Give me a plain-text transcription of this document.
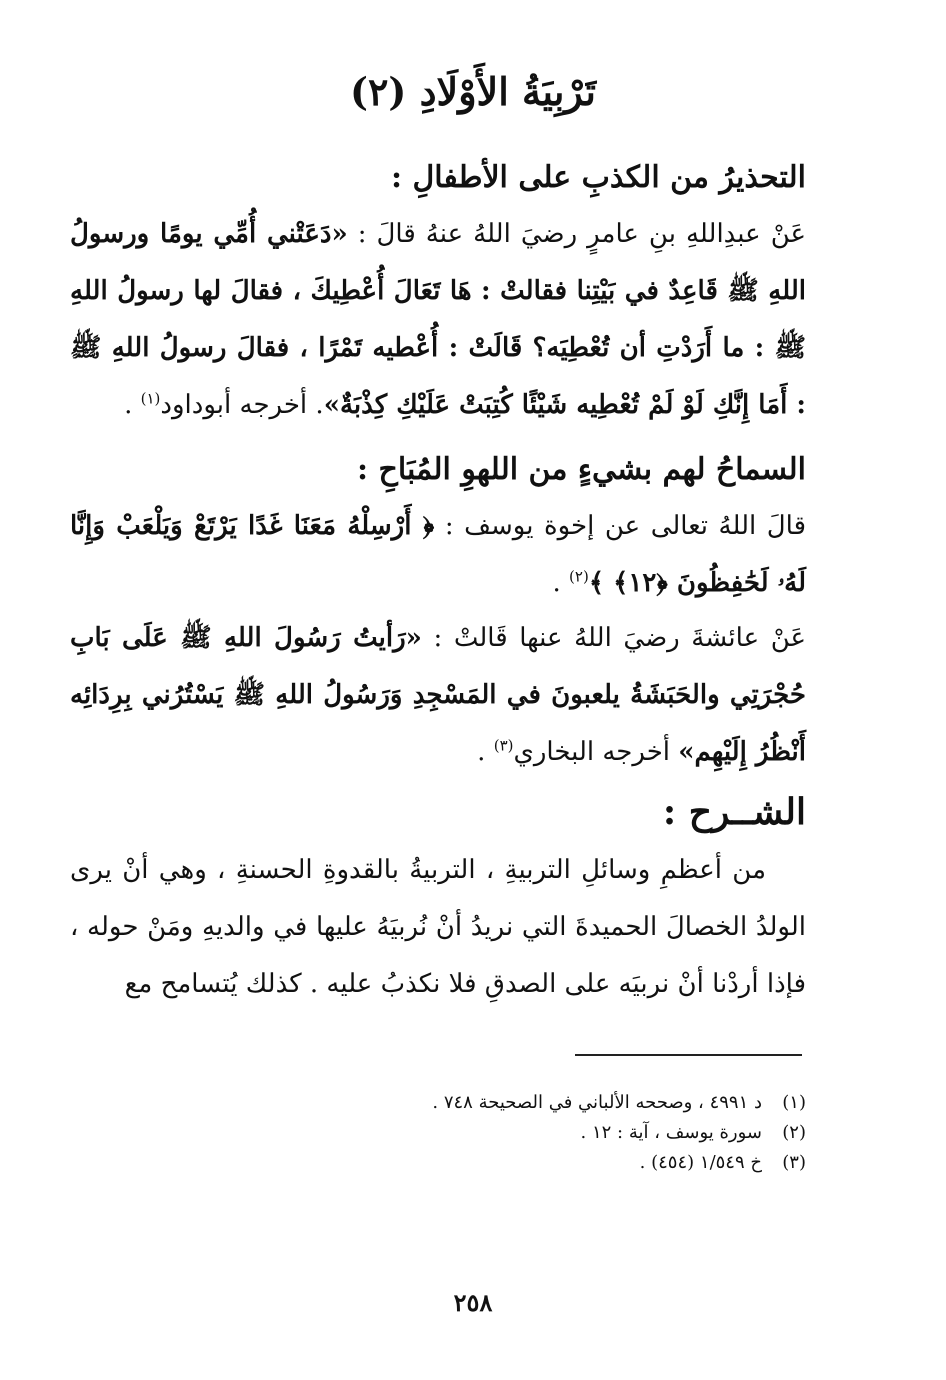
تَرْبِيَةُ الأَوْلَادِ (٢)

التحذيرُ من الكذبِ على الأطفالِ :

عَنْ عبدِاللهِ بنِ عامرٍ رضيَ اللهُ عنهُ قالَ : «دَعَتْني أُمِّي يومًا ورسولُ اللهِ ﷺ قَاعِدٌ في بَيْتِنا فقالتْ : هَا تَعَالَ أُعْطِيكَ ، فقالَ لها رسولُ اللهِ ﷺ : ما أَرَدْتِ أن تُعْطِيَه؟ قَالَتْ : أُعْطيه تَمْرًا ، فقالَ رسولُ اللهِ ﷺ : أَمَا إِنَّكِ لَوْ لَمْ تُعْطِيه شَيْئًا كُتِبَتْ عَلَيْكِ كِذْبَةٌ». أخرجه أبوداود$^{(١)}$ .

السماحُ لهم بشيءٍ من اللهوِ المُبَاحِ :

قالَ اللهُ تعالى عن إخوة يوسف : ﴿ أَرْسِلْهُ مَعَنَا غَدًا يَرْتَعْ وَيَلْعَبْ وَإِنَّا لَهُۥ لَحَٰفِظُونَ ﴿١٢﴾ ﴾$^{(٢)}$ .

عَنْ عائشةَ رضيَ اللهُ عنها قَالتْ : «رَأيتُ رَسُولَ اللهِ ﷺ عَلَى بَابِ حُجْرَتِي والحَبَشَةُ يلعبونَ في المَسْجِدِ وَرَسُولُ اللهِ ﷺ يَسْتُرُني بِرِدَائِه أَنْظُرُ إِلَيْهِم» أخرجه البخاري$^{(٣)}$ .

الشــرح :

من أعظمِ وسائلِ التربيةِ ، التربيةُ بالقدوةِ الحسنةِ ، وهي أنْ يرى الولدُ الخصالَ الحميدةَ التي نريدُ أنْ نُربيَهُ عليها في والديهِ ومَنْ حوله ، فإذا أردْنا أنْ نربيَه على الصدقِ فلا نكذبُ عليه . كذلك يُتسامح مع

(١)د ٤٩٩١ ، وصححه الألباني في الصحيحة ٧٤٨ .
(٢)سورة يوسف ، آية : ١٢ .
(٣)خ ١/٥٤٩ (٤٥٤) .
٢٥٨
